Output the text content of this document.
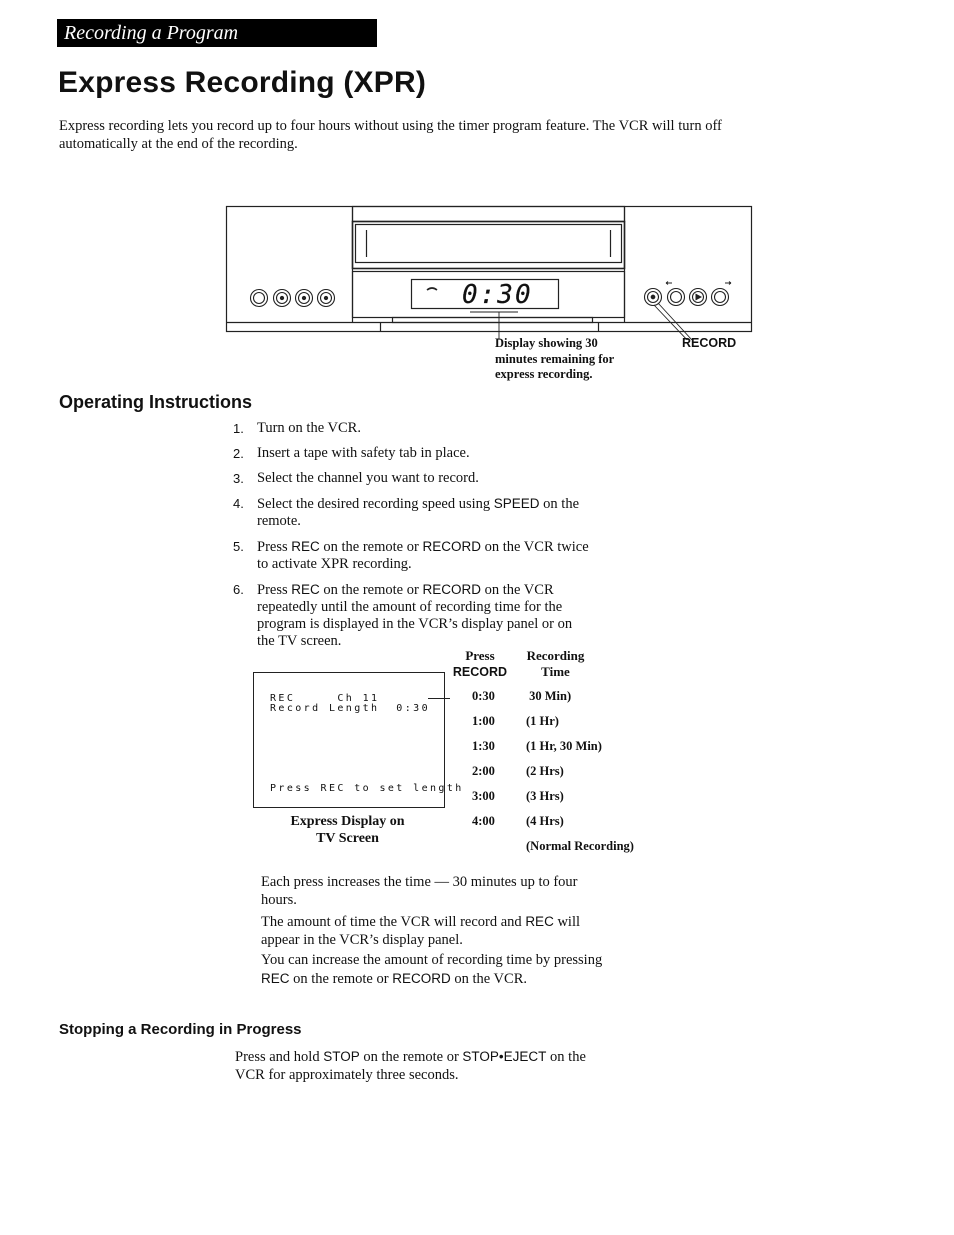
Recording a Program
Express Recording (XPR)
Express recording lets you record up to four hours without using the timer program feature. The VCR will turn off automatically at the end of the recording.
0:30
Display showing 30 minutes remaining for express recording.
RECORD
Operating Instructions
1. Turn on the VCR.
2. Insert a tape with safety tab in place.
3. Select the channel you want to record.
4. Select the desired recording speed using SPEED on the remote.
5. Press REC on the remote or RECORD on the VCR twice to activate XPR recording.
6. Press REC on the remote or RECORD on the VCR repeatedly until the amount of recording time for the program is displayed in the VCR’s display panel or on the TV screen.
REC     Ch 11
Record Length  0:30
Press REC to set length
Express Display on
TV Screen
Press
RECORD
Recording
Time
0:30 30 Min)
1:00 (1 Hr)
1:30 (1 Hr, 30 Min)
2:00 (2 Hrs)
3:00 (3 Hrs)
4:00 (4 Hrs)
(Normal Recording)
Each press increases the time — 30 minutes up to four hours.
The amount of time the VCR will record and REC will appear in the VCR’s display panel.
You can increase the amount of recording time by pressing REC on the remote or RECORD on the VCR.
Stopping a Recording in Progress
Press and hold STOP on the remote or STOP•EJECT on the VCR for approximately three seconds.
